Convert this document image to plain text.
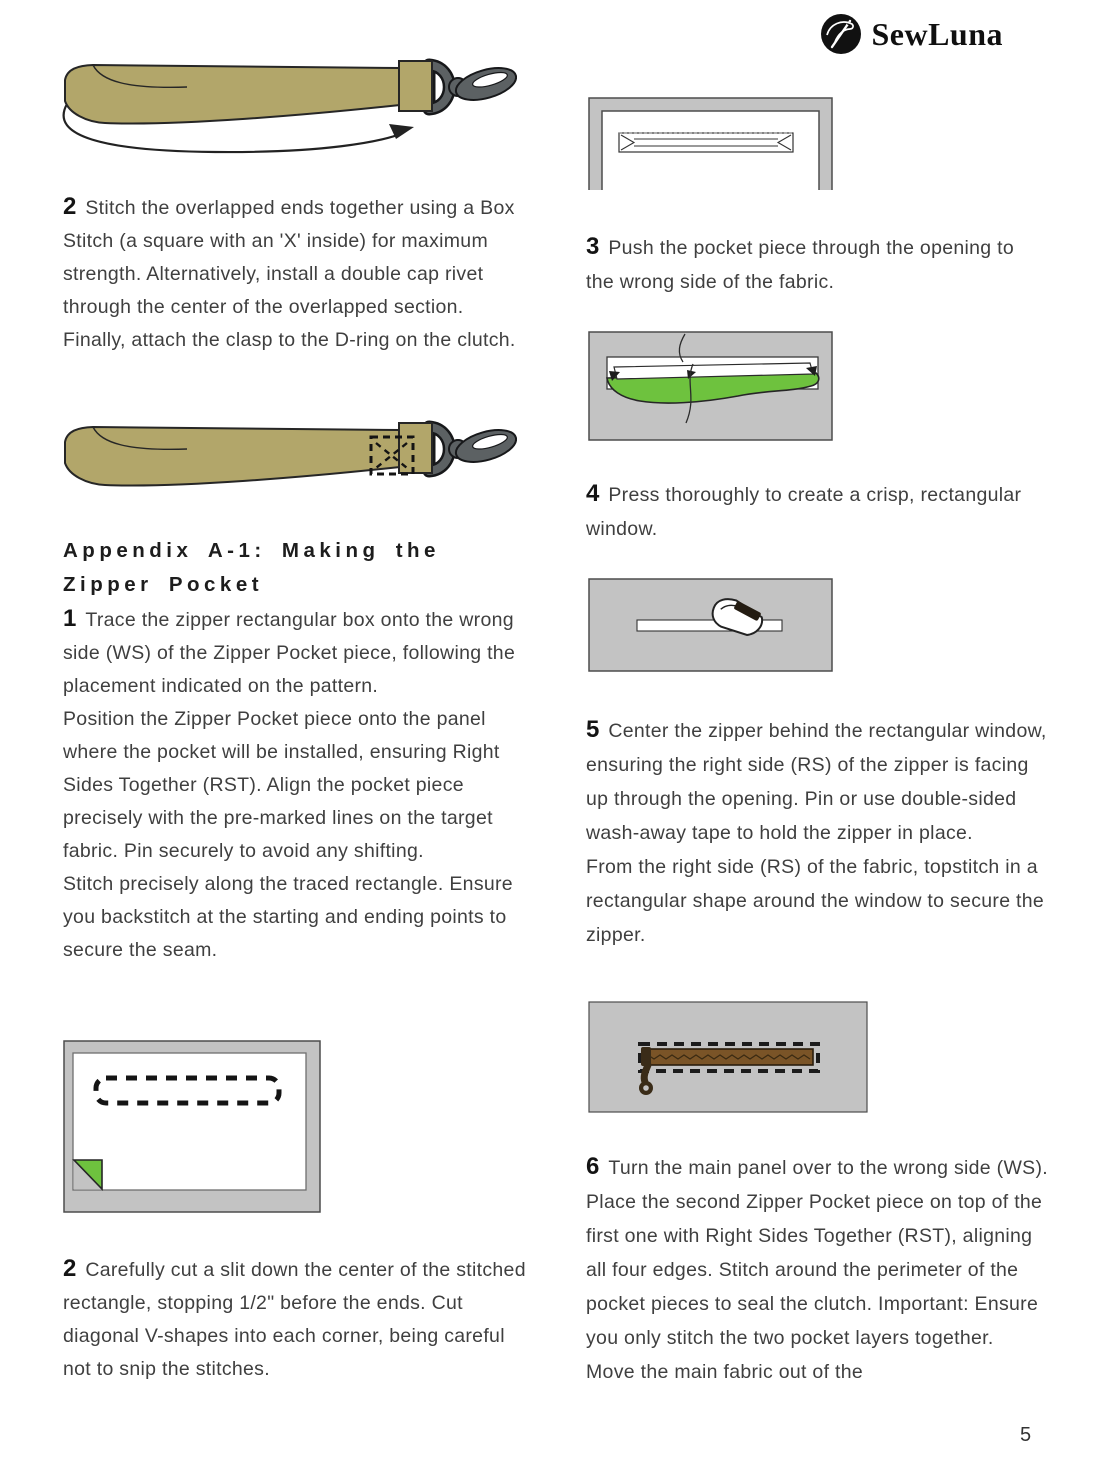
SewLuna
2 Stitch the overlapped ends together using a Box Stitch (a square with an 'X' inside) for maximum strength. Alternatively, install a double cap rivet through the center of the overlapped section. Finally, attach the clasp to the D-ring on the clutch.
Appendix A-1: Making the Zipper Pocket
1 Trace the zipper rectangular box onto the wrong side (WS) of the Zipper Pocket piece, following the placement indicated on the pattern.
Position the Zipper Pocket piece onto the panel where the pocket will be installed, ensuring Right Sides Together (RST). Align the pocket piece precisely with the pre-marked lines on the target fabric. Pin securely to avoid any shifting.
Stitch precisely along the traced rectangle. Ensure you backstitch at the starting and ending points to secure the seam.
2 Carefully cut a slit down the center of the stitched rectangle, stopping 1/2" before the ends. Cut diagonal V-shapes into each corner, being careful not to snip the stitches.
3 Push the pocket piece through the opening to the wrong side of the fabric.
4 Press thoroughly to create a crisp, rectangular window.
5 Center the zipper behind the rectangular window, ensuring the right side (RS) of the zipper is facing up through the opening. Pin or use double-sided wash-away tape to hold the zipper in place.
From the right side (RS) of the fabric, topstitch in a rectangular shape around the window to secure the zipper.
6 Turn the main panel over to the wrong side (WS). Place the second Zipper Pocket piece on top of the first one with Right Sides Together (RST), aligning all four edges. Stitch around the perimeter of the pocket pieces to seal the clutch. Important: Ensure you only stitch the two pocket layers together. Move the main fabric out of the
5
